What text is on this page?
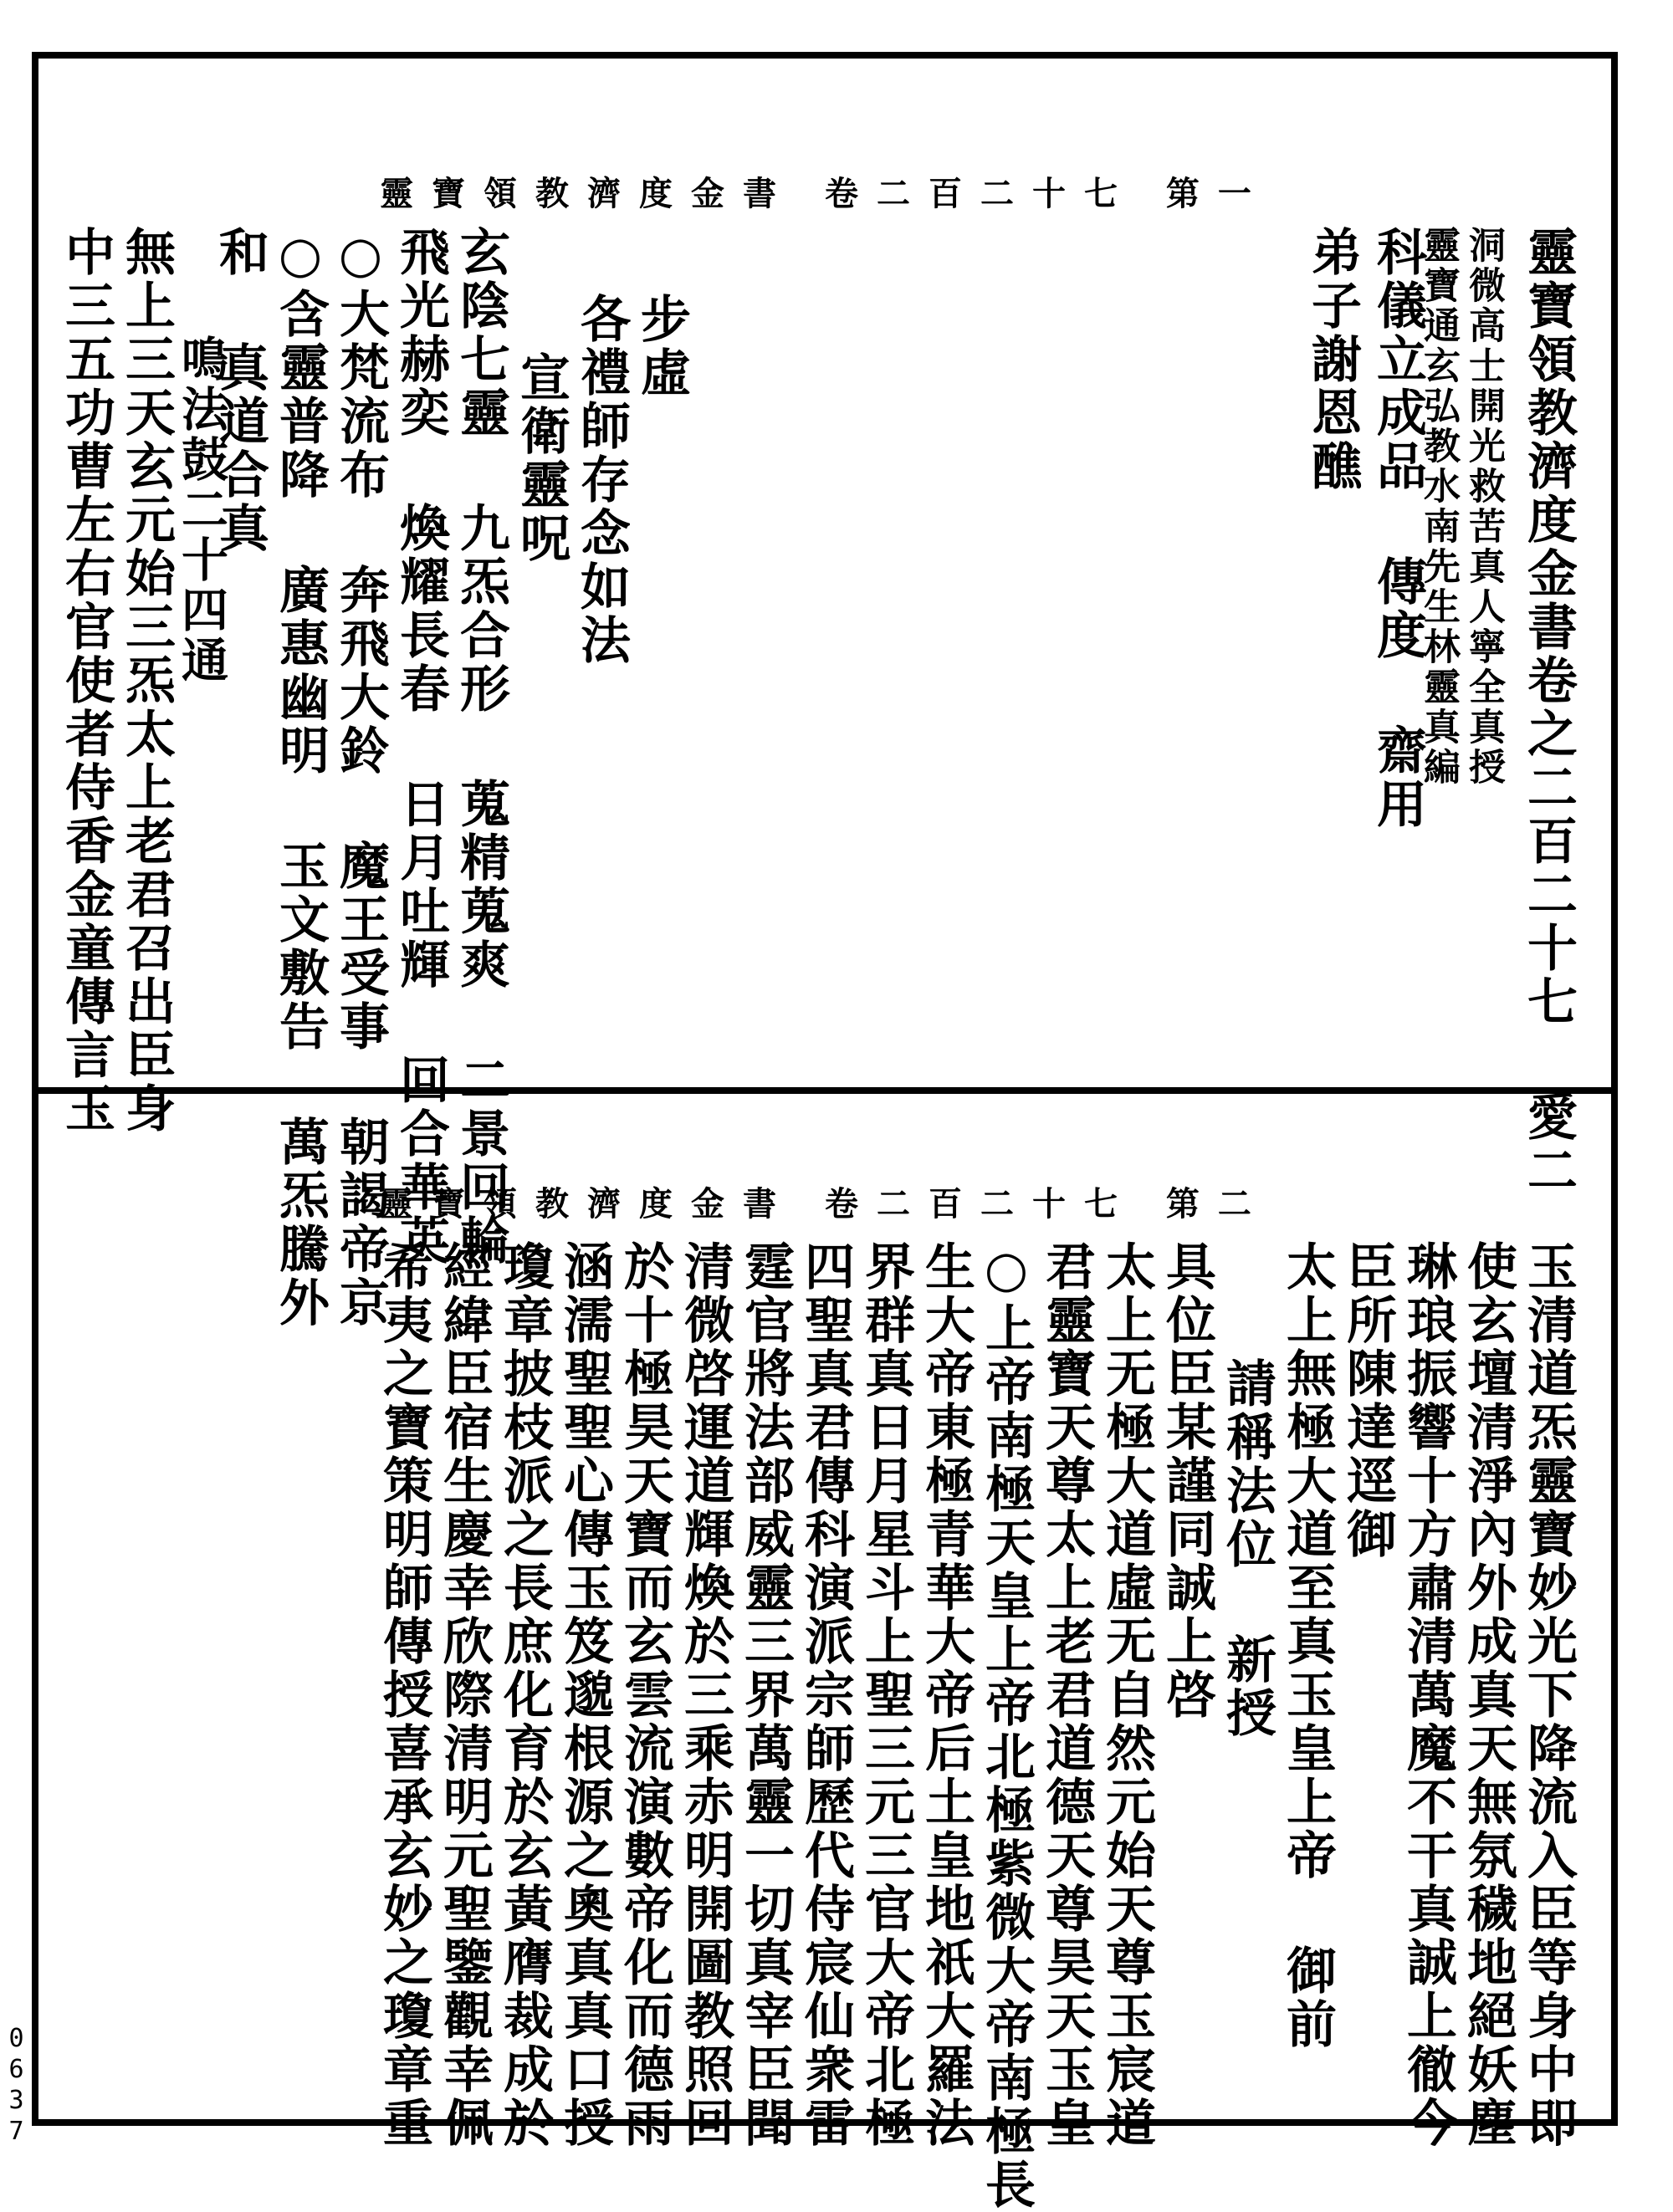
靈寶領教濟度金書 卷二百二十七 第一
靈寶領教濟度金書卷之二百二十七 愛二
洞微高士開光救苦真人寧全真授
靈寶通玄弘教水南先生林靈真編
科儀立成品 傳度 齋用
弟子謝恩醮
步虛
各禮師存念如法
宣衛靈呪
玄陰七靈 九炁合形 蒐精蒐爽 二景回輪
飛光赫奕 煥耀長春 日月吐輝 回合華英
○大梵流布 奔飛大鈴 魔王受事 朝謁帝京
○含靈普降 廣惠幽明 玉文敷告 萬炁騰外
和 真道合真
鳴法鼓二十四通
無上三天玄元始三炁太上老君召出臣身
中三五功曹左右官使者侍香金童傳言玉
靈寶領教濟度金書 卷二百二十七 第二
玉清道炁靈寶妙光下降流入臣等身中即
使玄壇清淨內外成真天無氛穢地絕妖塵
琳琅振響十方肅清萬魔不干真誠上徹今
臣所陳達逕御
太上無極大道至真玉皇上帝 御前
請稱法位 新授
具位臣某謹同誠上啓
太上无極大道虛无自然元始天尊玉宸道
君靈寶天尊太上老君道德天尊昊天玉皇
○上帝南極天皇上帝北極紫微大帝南極長
生大帝東極青華大帝后土皇地祇大羅法
界群真日月星斗上聖三元三官大帝北極
四聖真君傳科演派宗師歷代侍宸仙衆雷
霆官將法部威靈三界萬靈一切真宰臣聞
清微啓運道輝煥於三乘赤明開圖教照回
於十極昊天寶而玄雲流演數帝化而德雨
涵濡聖聖心傳玉笈邈根源之奧真真口授
瓊章披枝派之長庶化育於玄黃膺裁成於
經緯臣宿生慶幸欣際清明元聖鑒觀幸佩
希夷之寶策明師傳授喜承玄妙之瓊章重
0637
